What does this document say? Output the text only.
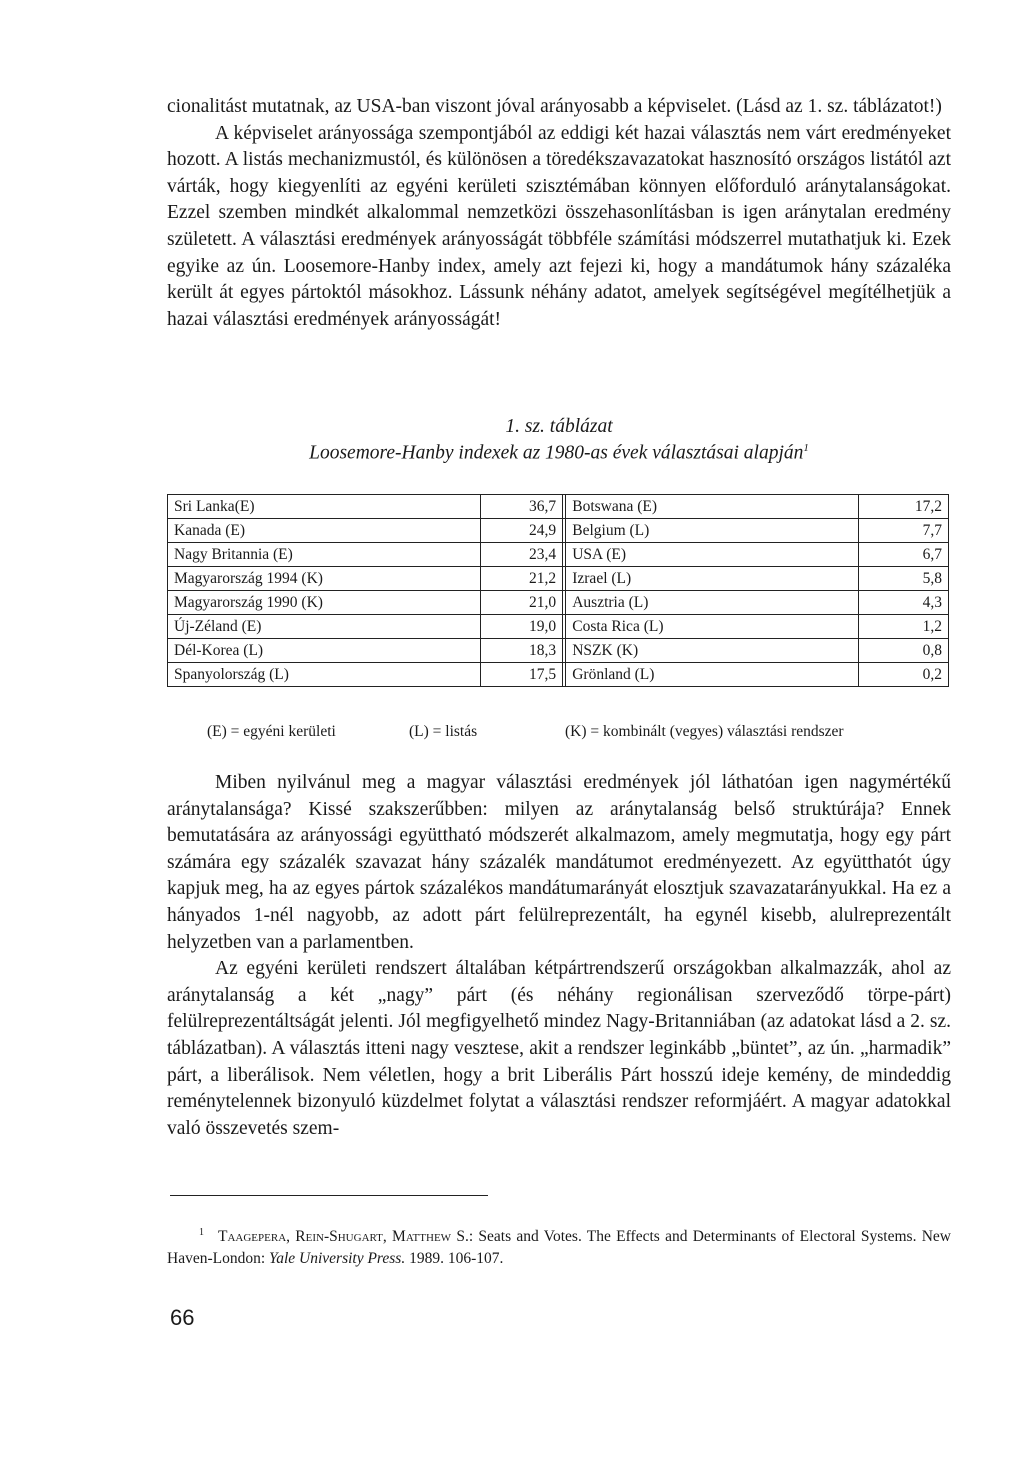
cionalitást mutatnak, az USA-ban viszont jóval arányosabb a képviselet. (Lásd az 1. sz. táblázatot!)

A képviselet arányossága szempontjából az eddigi két hazai választás nem várt eredményeket hozott. A listás mechanizmustól, és különösen a töredékszavazatokat hasznosító országos listától azt várták, hogy kiegyenlíti az egyéni kerületi szisztémában könnyen előforduló aránytalanságokat. Ezzel szemben mindkét alkalommal nemzetközi összehasonlításban is igen aránytalan eredmény született. A választási eredmények arányosságát többféle számítási módszerrel mutathatjuk ki. Ezek egyike az ún. Loosemore-Hanby index, amely azt fejezi ki, hogy a mandátumok hány százaléka került át egyes pártoktól másokhoz. Lássunk néhány adatot, amelyek segítségével megítélhetjük a hazai választási eredmények arányosságát!

1. sz. táblázat

Loosemore-Hanby indexek az 1980-as évek választásai alapján$^1$

Sri Lanka(E)	36,7		Botswana (E)	17,2
Kanada (E)	24,9		Belgium (L)	7,7
Nagy Britannia (E)	23,4		USA (E)	6,7
Magyarország 1994 (K)	21,2		Izrael (L)	5,8
Magyarország 1990 (K)	21,0		Ausztria (L)	4,3
Új-Zéland (E)	19,0		Costa Rica (L)	1,2
Dél-Korea (L)	18,3		NSZK (K)	0,8
Spanyolország (L)	17,5		Grönland (L)	0,2
(E) = egyéni kerületi	(L) = listás	(K) = kombinált (vegyes) választási rendszer

Miben nyilvánul meg a magyar választási eredmények jól láthatóan igen nagymértékű aránytalansága? Kissé szakszerűbben: milyen az aránytalanság belső struktúrája? Ennek bemutatására az arányossági együttható módszerét alkalmazom, amely megmutatja, hogy egy párt számára egy százalék szavazat hány százalék mandátumot eredményezett. Az együtthatót úgy kapjuk meg, ha az egyes pártok százalékos mandátumarányát elosztjuk szavazatarányukkal. Ha ez a hányados 1-nél nagyobb, az adott párt felülreprezentált, ha egynél kisebb, alulreprezentált helyzetben van a parlamentben.

Az egyéni kerületi rendszert általában kétpártrendszerű országokban alkalmazzák, ahol az aránytalanság a két „nagy” párt (és néhány regionálisan szerveződő törpe-párt) felülreprezentáltságát jelenti. Jól megfigyelhető mindez Nagy-Britanniában (az adatokat lásd a 2. sz. táblázatban). A választás itteni nagy vesztese, akit a rendszer leginkább „büntet”, az ún. „harmadik” párt, a liberálisok. Nem véletlen, hogy a brit Liberális Párt hosszú ideje kemény, de mindeddig reménytelennek bizonyuló küzdelmet folytat a választási rendszer reformjáért. A magyar adatokkal való összevetés szem-

$^1$ Taagepera, Rein-Shugart, Matthew S.: Seats and Votes. The Effects and Determinants of Electoral Systems. New Haven-London: Yale University Press. 1989. 106-107.

66
